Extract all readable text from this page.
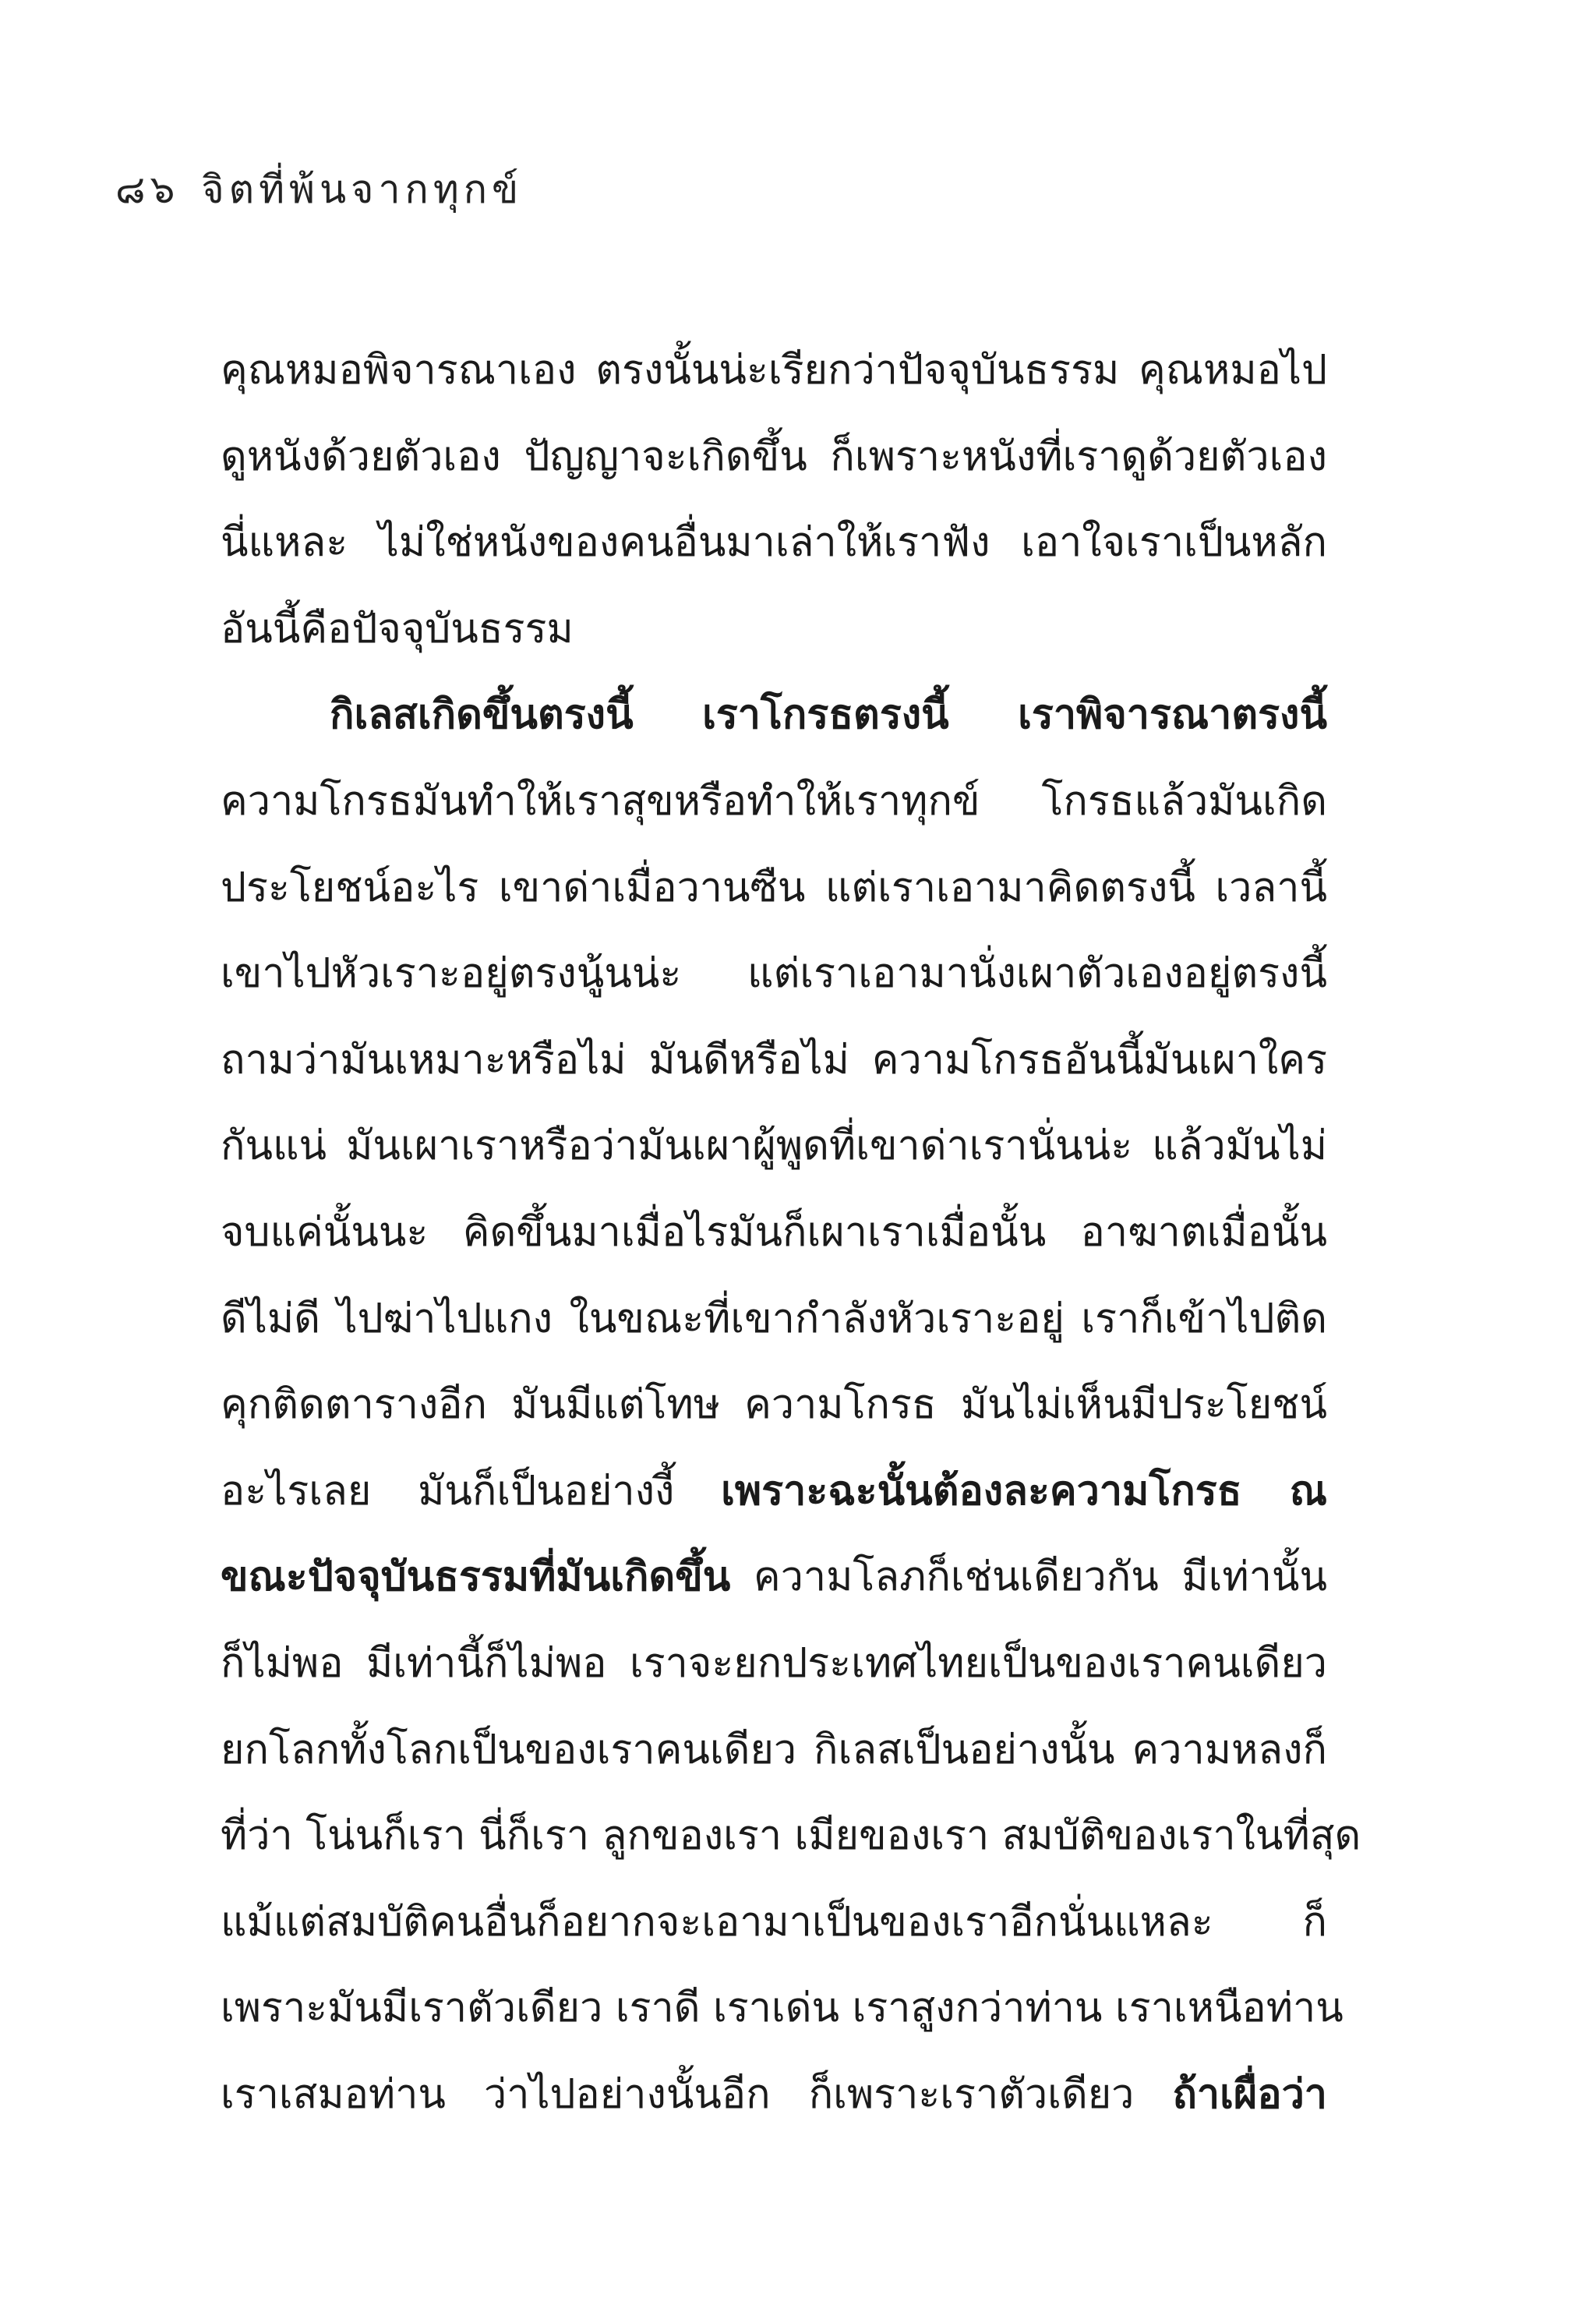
๘๖ จิตที่พ้นจากทุกข์
คุณหมอพิจารณาเอง ตรงนั้นน่ะเรียกว่าปัจจุบันธรรม คุณหมอไป
ดูหนังด้วยตัวเอง ปัญญาจะเกิดขึ้น ก็เพราะหนังที่เราดูด้วยตัวเอง
นี่แหละ ไม่ใช่หนังของคนอื่นมาเล่าให้เราฟัง เอาใจเราเป็นหลัก
อันนี้คือปัจจุบันธรรม
กิเลสเกิดขึ้นตรงนี้ เราโกรธตรงนี้ เราพิจารณาตรงนี้
ความโกรธมันทำให้เราสุขหรือทำให้เราทุกข์ โกรธแล้วมันเกิด
ประโยชน์อะไร เขาด่าเมื่อวานซืน แต่เราเอามาคิดตรงนี้ เวลานี้
เขาไปหัวเราะอยู่ตรงนู้นน่ะ แต่เราเอามานั่งเผาตัวเองอยู่ตรงนี้
ถามว่ามันเหมาะหรือไม่ มันดีหรือไม่ ความโกรธอันนี้มันเผาใคร
กันแน่ มันเผาเราหรือว่ามันเผาผู้พูดที่เขาด่าเรานั่นน่ะ แล้วมันไม่
จบแค่นั้นนะ คิดขึ้นมาเมื่อไรมันก็เผาเราเมื่อนั้น อาฆาตเมื่อนั้น
ดีไม่ดี ไปฆ่าไปแกง ในขณะที่เขากำลังหัวเราะอยู่ เราก็เข้าไปติด
คุกติดตารางอีก มันมีแต่โทษ ความโกรธ มันไม่เห็นมีประโยชน์
อะไรเลย มันก็เป็นอย่างงี้ เพราะฉะนั้นต้องละความโกรธ ณ
ขณะปัจจุบันธรรมที่มันเกิดขึ้น ความโลภก็เช่นเดียวกัน มีเท่านั้น
ก็ไม่พอ มีเท่านี้ก็ไม่พอ เราจะยกประเทศไทยเป็นของเราคนเดียว
ยกโลกทั้งโลกเป็นของเราคนเดียว กิเลสเป็นอย่างนั้น ความหลงก็
ที่ว่า โน่นก็เรา นี่ก็เรา ลูกของเรา เมียของเรา สมบัติของเราในที่สุด
แม้แต่สมบัติคนอื่นก็อยากจะเอามาเป็นของเราอีกนั่นแหละ ก็
เพราะมันมีเราตัวเดียว เราดี เราเด่น เราสูงกว่าท่าน เราเหนือท่าน
เราเสมอท่าน ว่าไปอย่างนั้นอีก ก็เพราะเราตัวเดียว ถ้าเผื่อว่า
